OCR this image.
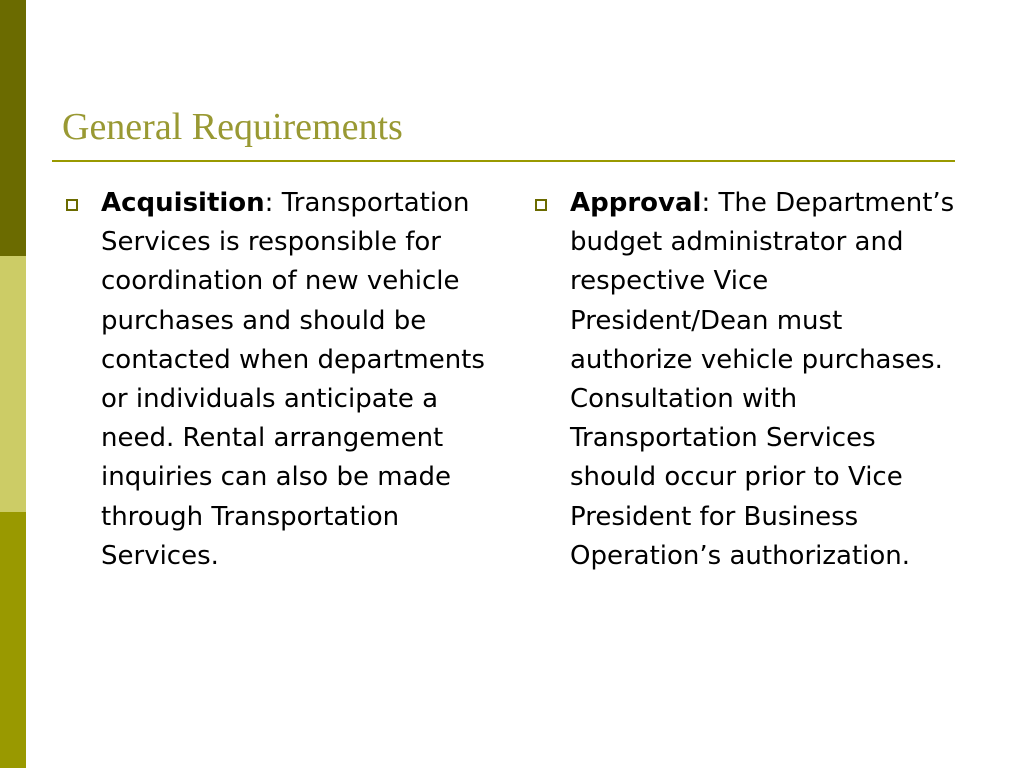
General Requirements

Acquisition: Transportation Services is responsible for coordination of new vehicle purchases and should be contacted when departments or individuals anticipate a need. Rental arrangement inquiries can also be made through Transportation Services.

Approval: The Department’s budget administrator and respective Vice President/Dean must authorize vehicle purchases. Consultation with Transportation Services should occur prior to Vice President for Business Operation’s authorization.
